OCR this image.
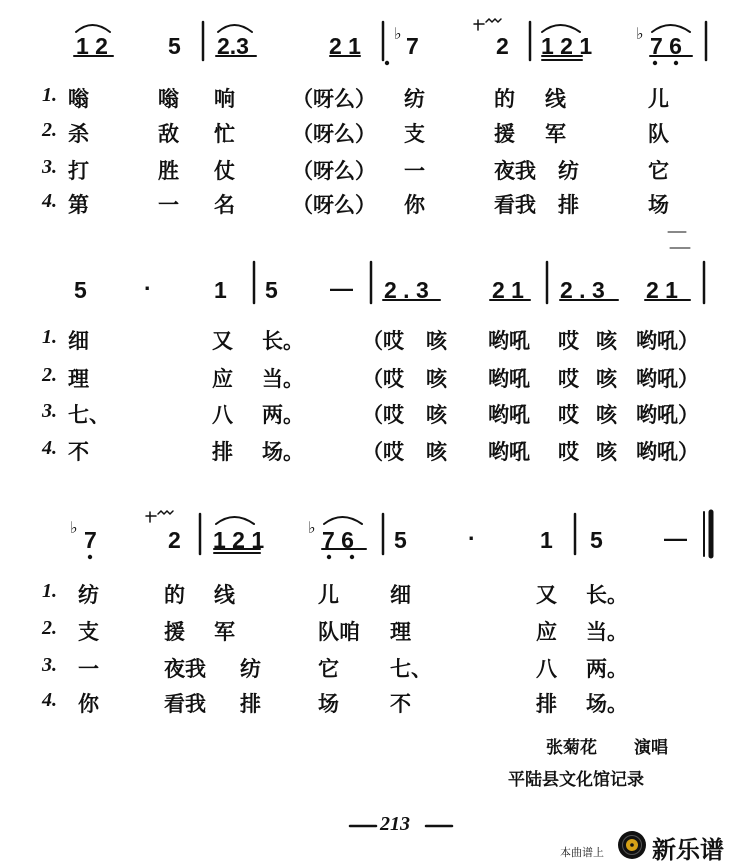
1 2	5 2.3	2 1 ♭ 7	2 1 2 1	♭ 7 6
1. 嗡	嗡 响	（呀么） 纺	的 线	儿
2. 杀	敌 忙	（呀么） 支	援 军	队
3. 打	胜 仗	（呀么） 一	夜我 纺	它
4. 第	一 名	（呀么） 你	看我 排	场
5 ·	1 5 — 2 . 3	2 1 2 . 3 2 1
1. 细	又 长。	（哎 咳 哟吼 哎 咳 哟吼）
2. 理	应 当。	（哎 咳 哟吼 哎 咳 哟吼）
3. 七、	八 两。	（哎 咳 哟吼 哎 咳 哟吼）
4. 不	排 场。	（哎 咳 哟吼 哎 咳 哟吼）
♭ 7	2 1 2 1	♭ 7 6 5	·	1 5	—
1. 纺	的 线	儿 细	又 长。
2. 支	援 军	队咱 理	应 当。
3. 一	夜我 纺	它 七、	八 两。
4. 你	看我 排	场 不	排 场。
张菊花 演唱
平陆县文化馆记录
213
本曲谱上 新乐谱
